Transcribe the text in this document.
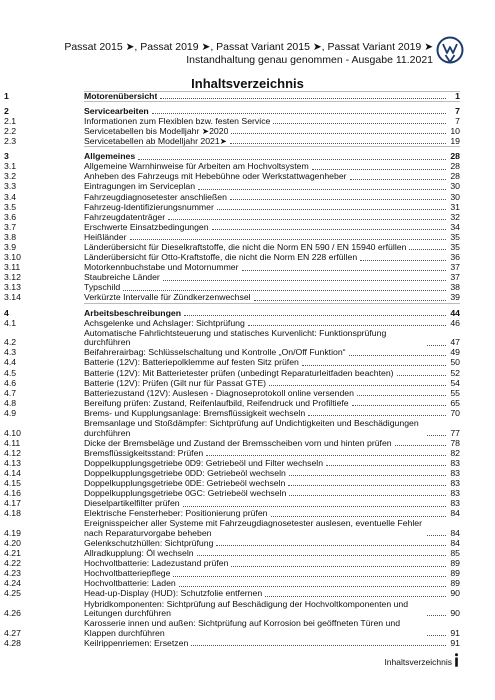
Passat 2015 ➤, Passat 2019 ➤, Passat Variant 2015 ➤, Passat Variant 2019 ➤
Instandhaltung genau genommen - Ausgabe 11.2021
Inhaltsverzeichnis
1	Motorenübersicht	1
2	Servicearbeiten	7
2.1	Informationen zum Flexiblen bzw. festen Service	7
2.2	Servicetabellen bis Modelljahr ➤2020	10
2.3	Servicetabellen ab Modelljahr 2021➤	19
3	Allgemeines	28
3.1	Allgemeine Warnhinweise für Arbeiten am Hochvoltsystem	28
3.2	Anheben des Fahrzeugs mit Hebebühne oder Werkstattwagenheber	28
3.3	Eintragungen im Serviceplan	30
3.4	Fahrzeugdiagnosetester anschließen	30
3.5	Fahrzeug-Identifizierungsnummer	31
3.6	Fahrzeugdatenträger	32
3.7	Erschwerte Einsatzbedingungen	34
3.8	Heißländer	35
3.9	Länderübersicht für Dieselkraftstoffe, die nicht die Norm EN 590 / EN 15940 erfüllen	35
3.10	Länderübersicht für Otto-Kraftstoffe, die nicht die Norm EN 228 erfüllen	36
3.11	Motorkennbuchstabe und Motornummer	37
3.12	Staubreiche Länder	37
3.13	Typschild	38
3.14	Verkürzte Intervalle für Zündkerzenwechsel	39
4	Arbeitsbeschreibungen	44
4.1	Achsgelenke und Achslager: Sichtprüfung	46
4.2
Automatische Fahrlichtsteuerung und statisches Kurvenlicht: Funktionsprüfung durchführen	47
4.3	Beifahrerairbag: Schlüsselschaltung und Kontrolle „On/Off Funktion“	49
4.4	Batterie (12V): Batteriepolklemme auf festen Sitz prüfen	50
4.5	Batterie (12V): Mit Batterietester prüfen (unbedingt Reparaturleitfaden beachten)	52
4.6	Batterie (12V): Prüfen (Gilt nur für Passat GTE)	54
4.7	Batteriezustand (12V): Auslesen - Diagnoseprotokoll online versenden	55
4.8	Bereifung prüfen: Zustand, Reifenlaufbild, Reifendruck und Profiltiefe	65
4.9	Brems- und Kupplungsanlage: Bremsflüssigkeit wechseln	70
4.10
Bremsanlage und Stoßdämpfer: Sichtprüfung auf Undichtigkeiten und Beschädigungen durchführen	77
4.11	Dicke der Bremsbeläge und Zustand der Bremsscheiben vorn und hinten prüfen	78
4.12	Bremsflüssigkeitsstand: Prüfen	82
4.13	Doppelkupplungsgetriebe 0D9: Getriebeöl und Filter wechseln	83
4.14	Doppelkupplungsgetriebe 0DD: Getriebeöl wechseln	83
4.15	Doppelkupplungsgetriebe 0DE: Getriebeöl wechseln	83
4.16	Doppelkupplungsgetriebe 0GC: Getriebeöl wechseln	83
4.17	Dieselpartikelfilter prüfen	83
4.18	Elektrische Fensterheber: Positionierung prüfen	84
4.19
Ereignisspeicher aller Systeme mit Fahrzeugdiagnosetester auslesen, eventuelle Fehler nach Reparaturvorgabe beheben	84
4.20	Gelenkschutzhüllen: Sichtprüfung	84
4.21	Allradkupplung: Öl wechseln	85
4.22	Hochvoltbatterie: Ladezustand prüfen	89
4.23	Hochvoltbatteriepflege	89
4.24	Hochvoltbatterie: Laden	89
4.25	Head-up-Display (HUD): Schutzfolie entfernen	90
4.26
Hybridkomponenten: Sichtprüfung auf Beschädigung der Hochvoltkomponenten und Leitungen durchführen	90
4.27
Karosserie innen und außen: Sichtprüfung auf Korrosion bei geöffneten Türen und Klappen durchführen	91
4.28	Keilrippenriemen: Ersetzen	91
Inhaltsverzeichnis
